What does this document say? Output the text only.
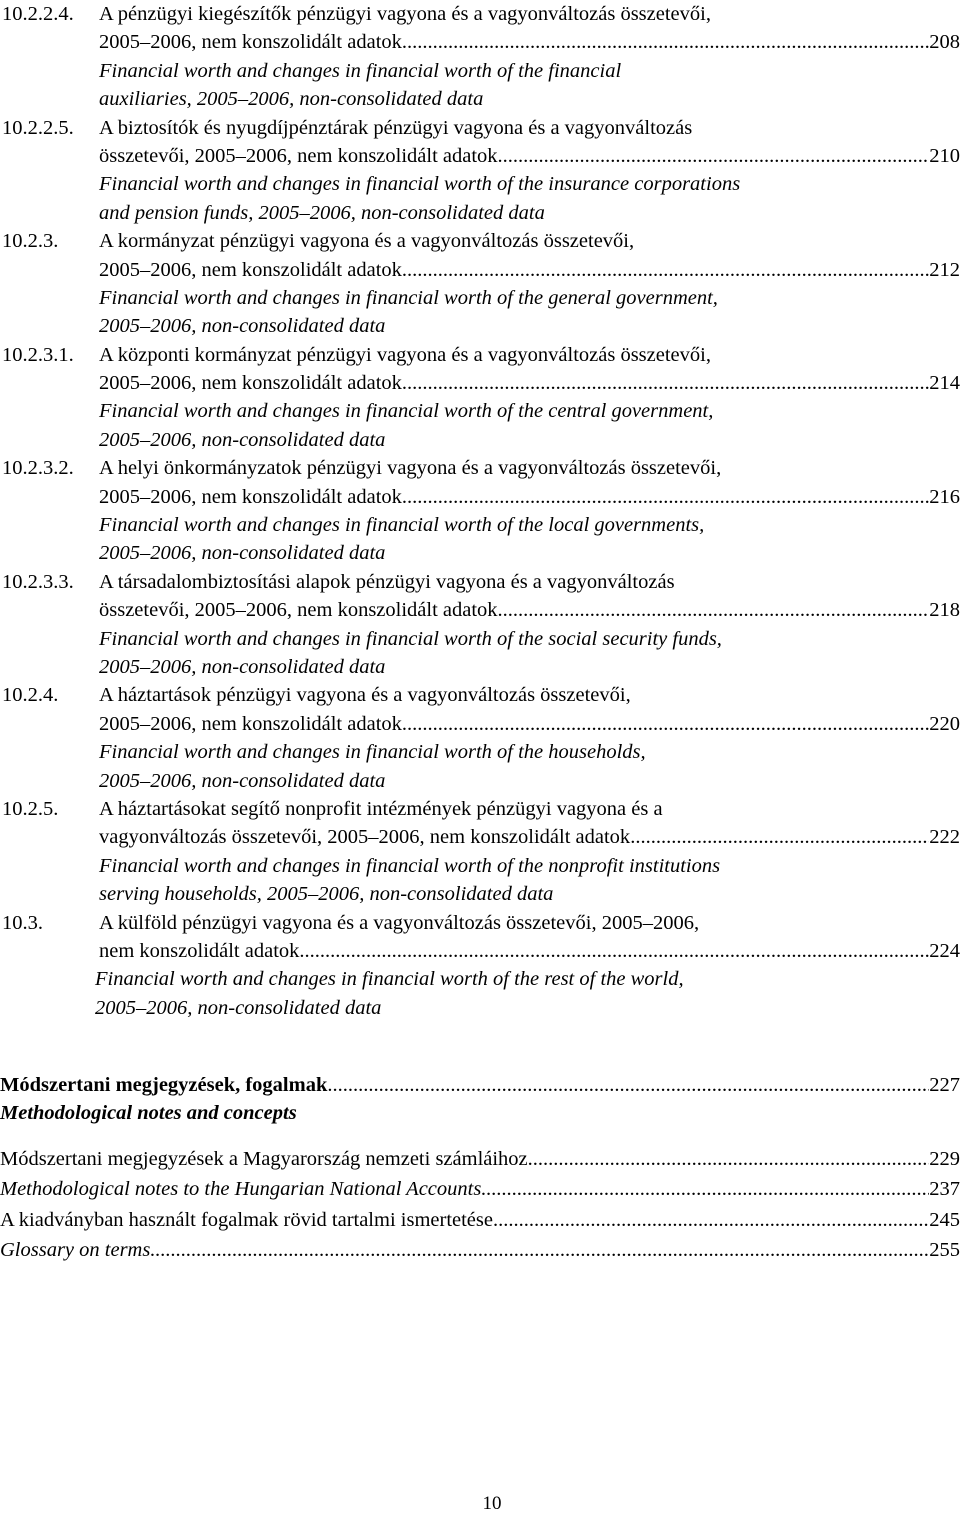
10.2.2.4. A pénzügyi kiegészítők pénzügyi vagyona és a vagyonváltozás összetevői,
2005–2006, nem konszolidált adatok .....	208
Financial worth and changes in financial worth of the financial
auxiliaries, 2005–2006, non-consolidated data
10.2.2.5. A biztosítók és nyugdíjpénztárak pénzügyi vagyona és a vagyonváltozás
összetevői, 2005–2006, nem konszolidált adatok .....	210
Financial worth and changes in financial worth of the insurance corporations
and pension funds, 2005–2006, non-consolidated data
10.2.3. A kormányzat pénzügyi vagyona és a vagyonváltozás összetevői,
2005–2006, nem konszolidált adatok .....	212
Financial worth and changes in financial worth of the general government,
2005–2006, non-consolidated data
10.2.3.1. A központi kormányzat pénzügyi vagyona és a vagyonváltozás összetevői,
2005–2006, nem konszolidált adatok .....	214
Financial worth and changes in financial worth of the central government,
2005–2006, non-consolidated data
10.2.3.2. A helyi önkormányzatok pénzügyi vagyona és a vagyonváltozás összetevői,
2005–2006, nem konszolidált adatok .....	216
Financial worth and changes in financial worth of the local governments,
2005–2006, non-consolidated data
10.2.3.3. A társadalombiztosítási alapok pénzügyi vagyona és a vagyonváltozás
összetevői, 2005–2006, nem konszolidált adatok .....	218
Financial worth and changes in financial worth of the social security funds,
2005–2006, non-consolidated data
10.2.4. A háztartások pénzügyi vagyona és a vagyonváltozás összetevői,
2005–2006, nem konszolidált adatok .....	220
Financial worth and changes in financial worth of the households,
2005–2006, non-consolidated data
10.2.5. A háztartásokat segítő nonprofit intézmények pénzügyi vagyona és a
vagyonváltozás összetevői, 2005–2006, nem konszolidált adatok .....	222
Financial worth and changes in financial worth of the nonprofit institutions
serving households, 2005–2006, non-consolidated data
10.3.	A külföld pénzügyi vagyona és a vagyonváltozás összetevői, 2005–2006,
nem konszolidált adatok .....	224
Financial worth and changes in financial worth of the rest of the world,
2005–2006, non-consolidated data
Módszertani megjegyzések, fogalmak .....	227
Methodological notes and concepts
Módszertani megjegyzések a Magyarország nemzeti számláihoz .....	229
Methodological notes to the Hungarian National Accounts .....	237
A kiadványban használt fogalmak rövid tartalmi ismertetése .....	245
Glossary on terms .....	255
10
